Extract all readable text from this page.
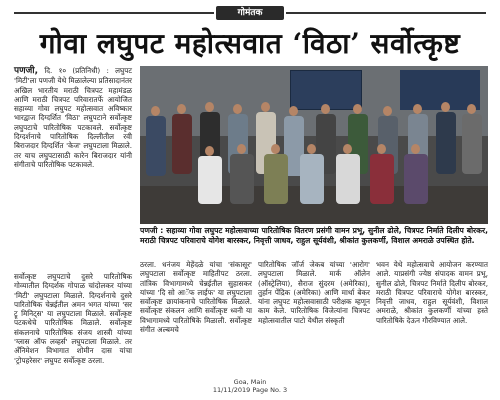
गोमंतक
गोवा लघुपट महोत्सवात ‘विठा’ सर्वोत्कृष्ट

पणजी, दि. १० (प्रतिनिधी) : लघुपट 'मिटी'ला पणजी येथे मिळालेल्या प्रतिसादानंतर अखिल भारतीय मराठी चित्रपट महामंडळ आणि मराठी चित्रपट परिवारातर्फे आयोजित सहाव्या गोवा लघुपट महोत्सवात अविष्कार भारद्वाज दिग्दर्शित 'विठा' लघुपटाने सर्वोत्कृष्ट लघुपटाचे पारितोषिक पटकावले. सर्वोत्कृष्ट दिग्दर्शनाचे पारितोषिक दिल्लीतील रवी बिराजदार दिग्दर्शित 'केज' लघुपटाला मिळाले. तर याच लघुपटासाठी कारेन बिराजदार यांनी संगीताचे पारितोषिक पटकावले.

सर्वोत्कृष्ट लघुपटाचे दुसरे पारितोषिक गोव्यातील दिग्दर्शक गोपाळ चांदोलकर यांच्या 'मिटी' लघुपटाला मिळाले. दिग्दर्शनाचे दुसरे पारितोषिक चेन्नईतील अमन भगत यांच्या 'सर ट्रू मिनिट्स' या लघुपटाला मिळाले. सर्वोत्कृष्ट पटकथेचे पारितोषिक मिळाले. सर्वोत्कृष्ट संकलनाचे पारितोषिक संजय शास्त्री यांच्या 'ग्लास ऑफ लव्हर्स' लघुपटाला मिळाले. तर अँनिमेशन विभागात शोमीन दास यांचा 'ट्रोपहरेसर' लघुपट सर्वोत्कृष्ट ठरला.

पणजी : सहाव्या गोवा लघुपट महोत्सवाच्या पारितोषिक वितरण प्रसंगी वामन प्रभू, सुनील ढोले, चित्रपट निर्माते दिलीप बोरकर, मराठी चित्रपट परिवाराचे योगेश बारस्कर, निवृत्ती जाधव, राहुल सूर्यवंशी, श्रीकांत कुलकर्णी, विशाल अमराळे उपस्थित होते.

ठरला. धनंजय मेहेंदळे यांचा 'संकासूर' लघुपटाला सर्वोत्कृष्ट माहितीपट ठरला. तांत्रिक विभागामध्ये चेन्नईतील सुहासकर यांच्या 'दि सो आॅफ लाईफ' या लघुपटाला सर्वोत्कृष्ट छायांकनाचे पारितोषिक मिळाले. सर्वोत्कृष्ट संकलन आणि सर्वोत्कृष्ट ध्वनी या विभागामध्ये पारितोषिके मिळाली. सर्वोत्कृष्ट संगीत अल्बमचे

पारितोषिक जॉर्ज जेकब यांच्या 'आरोग' लघुपटाला मिळाले. मार्क ऑलेन (ऑस्ट्रेलिया), सैराज सुंदरम (अमेरिका), तुर्हान पेंद्रिक (अमेरिका) आणि मार्था बेकर यांना लघुपट महोत्सवासाठी परीक्षक म्हणून काम केले. पारितोषिक विजेत्यांना चित्रपट महोत्सवातील पाटो येथील संस्कृती

भवन येथे महोत्सवाचे आयोजन करण्यात आले. याप्रसंगी ज्येष्ठ संपादक वामन प्रभू, सुनील ढोले, चित्रपट निर्माते दिलीप बोरकर, मराठी चित्रपट परिवाराचे योगेश बारस्कर, निवृत्ती जाधव, राहुल सूर्यवंशी, विशाल अमराळे, श्रीकांत कुलकर्णी यांच्या हस्ते पारितोषिके देऊन गौरविण्यात आले.

Goa, Main
11/11/2019 Page No. 3
